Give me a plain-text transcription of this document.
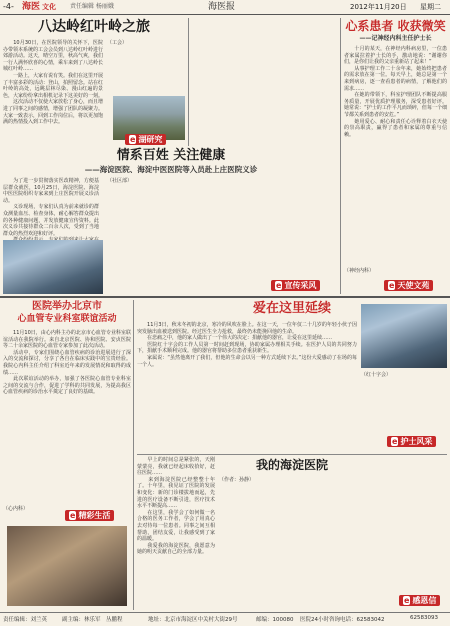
-4- 海医 文化 责任编辑 杨丽娥	海医报	2012年11月20日 星期二
八达岭红叶岭之旅

　　10月30日，在医院领导的关怀下，医院办带领本系统的工会会员到八达岭红叶岭进行郊游活动。这天，晴空万里，秋高气爽，我们一行人满怀欣喜的心情，乘车来到了八达岭长城红叶岭……
　　一路上，大家有说有笑。我们在这里开展了丰富多彩的活动：登山，拍照留念。站在红叶岭的高处，远眺层林尽染、漫山红遍的景色，大家纷纷拿出相机记录下这美好的一刻。
　　这次活动不仅使大家放松了身心，而且增进了同事之间的感情，增强了团队的凝聚力。大家一致表示，回到工作岗位后，将以更加饱满的热情投入到工作中去。

（工会）

e 湖研究
情系百姓 关注健康
——海淀医院、海淀中医医院等入员赴上庄医院义诊

　　为了进一步贯彻落实医改精神，方便基层群众就医，10月25日，海淀医院、海淀中医医院组织专家来到上庄医院开展义诊活动。
　　义诊现场，专家们认真为前来就诊的群众测量血压、检查身体，耐心解答群众提出的各种健康问题，并发放健康宣传资料。此次义诊共接待群众二百余人次，受到了当地群众的热烈欢迎和好评。

（社区部）

e 宣传采风
心系患者 收获微笑
——记神经内科主任护士长

　　十月的某天，在神经内科病房里，一位患者家属拉着护士长的手，激动地说：“谢谢你们，是你们让我的父亲重新站了起来！”
　　从事护理工作二十余年来，她始终把患者的需求放在第一位。每天早上，她总是第一个来到病房，逐一查看患者的病情，了解他们的需求……
　　在她的带领下，科室护理团队不断提高服务质量，开展优质护理服务，深受患者好评。她常说：“护士的工作平凡而琐碎，但每一个细节都关系到患者的安危。”
　　她用爱心、耐心和责任心诠释着白衣天使的崇高职责，赢得了患者和家属的尊重与信赖。

（神经内科）

e 天使文苑
医院举办北京市
心血管专业科室联谊活动

　　11月10日，由心内科主办的北京市心血管专业科室联谊活动在我院举行。来自北京医院、协和医院、安贞医院等二十余家医院的心血管专家参加了此次活动。
　　活动中，专家们围绕心血管疾病的诊治进展进行了深入的交流和探讨，分享了各自在临床实践中的宝贵经验。我院心内科主任介绍了科室近年来的发展情况和取得的成绩……
　　此次联谊活动的举办，加强了各医院心血管专业科室之间的交流与合作，促进了学科的共同发展，为提高我区心血管疾病的诊治水平奠定了良好的基础。

（心内科）

e 精彩生活
爱在这里延续

　　11月3日，秋末冬初的北京，寒冷的风吹在脸上。在这一天，一位年仅二十几岁的年轻小伙子因突发脑出血被送到医院。经过医生全力抢救，最终仍未能挽回他的生命。
　　在悲痛之中，他的家人做出了一个伟大的决定：捐献他的器官，让爱在这里延续……
　　医院红十字会的工作人员第一时间赶到现场，协助家属办理相关手续。在医护人员的共同努力下，捐献手术顺利完成。他的器官将帮助多位患者重获新生。
　　家属说：“虽然他离开了我们，但他的生命会以另一种方式延续下去。”这份大爱感动了在场的每一个人。

（红十字会）

e 护士风采
我的海淀医院

　　早上的时间总是紧张的，天刚蒙蒙亮，我就已经起床收拾好，赶往医院……
　　来到海淀医院已经整整十年了。十年里，我见证了医院的发展和变化：新的门诊楼拔地而起，先进的医疗设备不断引进，医疗技术水平不断提高……
　　在这里，我学会了如何做一名合格的医务工作者，学会了用真心去对待每一位患者。同事之间互相帮助，团结友爱，让我感受到了家的温暖。
　　我爱我的海淀医院，我愿意为她的明天贡献自己的全部力量。

（作者：孙静）

e 感恩信
责任编辑：刘兰英	副主编：林乐军　丛鹏程	地址：北京市海淀区中关村大街29号	邮编：100080 医院24小时咨询电话：62583042	62583093
